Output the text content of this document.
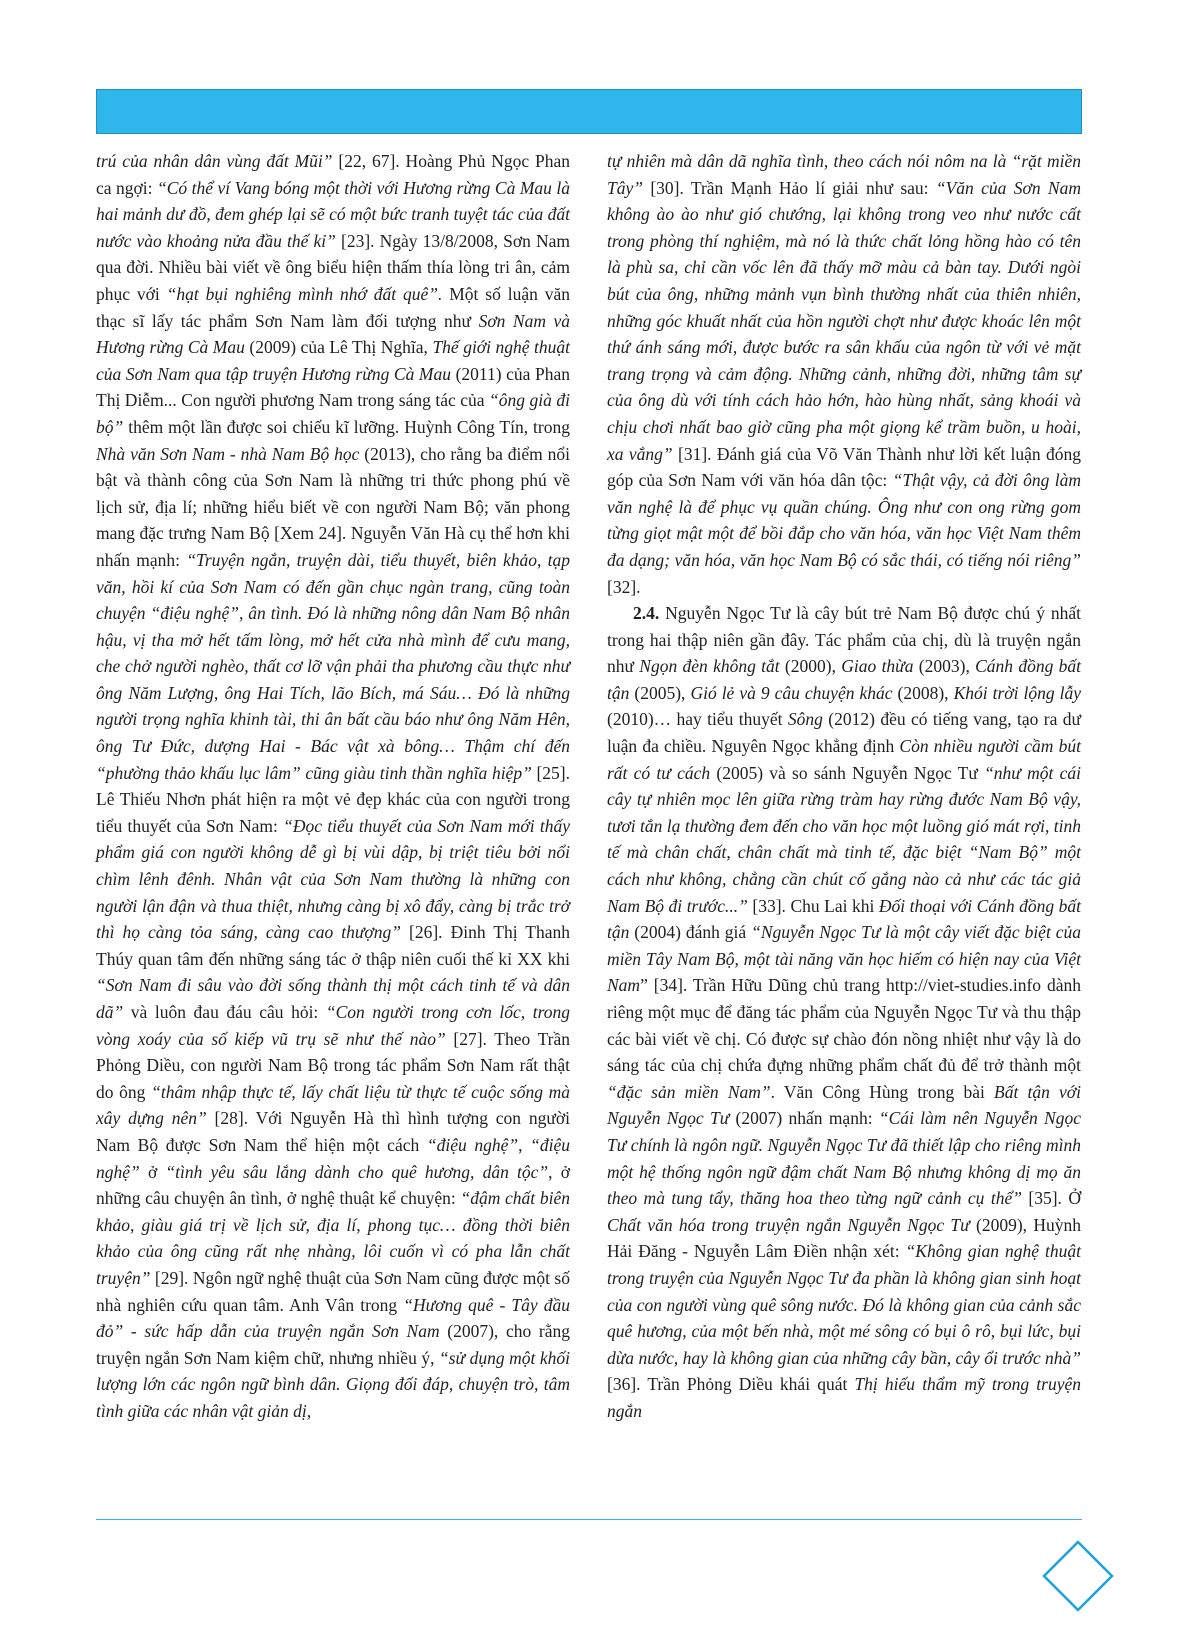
trú của nhân dân vùng đất Mũi” [22, 67]. Hoàng Phủ Ngọc Phan ca ngợi: “Có thể ví Vang bóng một thời với Hương rừng Cà Mau là hai mảnh dư đồ, đem ghép lại sẽ có một bức tranh tuyệt tác của đất nước vào khoảng nửa đầu thế kỉ” [23]. Ngày 13/8/2008, Sơn Nam qua đời. Nhiều bài viết về ông biểu hiện thấm thía lòng tri ân, cảm phục với “hạt bụi nghiêng mình nhớ đất quê”. Một số luận văn thạc sĩ lấy tác phẩm Sơn Nam làm đối tượng như Sơn Nam và Hương rừng Cà Mau (2009) của Lê Thị Nghĩa, Thế giới nghệ thuật của Sơn Nam qua tập truyện Hương rừng Cà Mau (2011) của Phan Thị Diễm... Con người phương Nam trong sáng tác của “ông già đi bộ” thêm một lần được soi chiếu kĩ lưỡng. Huỳnh Công Tín, trong Nhà văn Sơn Nam - nhà Nam Bộ học (2013), cho rằng ba điểm nổi bật và thành công của Sơn Nam là những tri thức phong phú về lịch sử, địa lí; những hiểu biết về con người Nam Bộ; văn phong mang đặc trưng Nam Bộ [Xem 24]. Nguyễn Văn Hà cụ thể hơn khi nhấn mạnh: “Truyện ngắn, truyện dài, tiểu thuyết, biên khảo, tạp văn, hồi kí của Sơn Nam có đến gần chục ngàn trang, cũng toàn chuyện “điệu nghệ”, ân tình. Đó là những nông dân Nam Bộ nhân hậu, vị tha mở hết tấm lòng, mở hết cửa nhà mình để cưu mang, che chở người nghèo, thất cơ lỡ vận phải tha phương cầu thực như ông Năm Lượng, ông Hai Tích, lão Bích, má Sáu… Đó là những người trọng nghĩa khinh tài, thi ân bất cầu báo như ông Năm Hên, ông Tư Đức, dượng Hai - Bác vật xà bông… Thậm chí đến “phường thảo khấu lục lâm” cũng giàu tinh thần nghĩa hiệp” [25]. Lê Thiếu Nhơn phát hiện ra một vẻ đẹp khác của con người trong tiểu thuyết của Sơn Nam: “Đọc tiểu thuyết của Sơn Nam mới thấy phẩm giá con người không dễ gì bị vùi dập, bị triệt tiêu bởi nổi chìm lênh đênh. Nhân vật của Sơn Nam thường là những con người lận đận và thua thiệt, nhưng càng bị xô đẩy, càng bị trắc trở thì họ càng tỏa sáng, càng cao thượng” [26]. Đinh Thị Thanh Thúy quan tâm đến những sáng tác ở thập niên cuối thế kỉ XX khi “Sơn Nam đi sâu vào đời sống thành thị một cách tinh tế và dân dã” và luôn đau đáu câu hỏi: “Con người trong cơn lốc, trong vòng xoáy của số kiếp vũ trụ sẽ như thế nào” [27]. Theo Trần Phỏng Diều, con người Nam Bộ trong tác phẩm Sơn Nam rất thật do ông “thâm nhập thực tế, lấy chất liệu từ thực tế cuộc sống mà xây dựng nên” [28]. Với Nguyễn Hà thì hình tượng con người Nam Bộ được Sơn Nam thể hiện một cách “điệu nghệ”, “điệu nghệ” ở “tình yêu sâu lắng dành cho quê hương, dân tộc”, ở những câu chuyện ân tình, ở nghệ thuật kể chuyện: “đậm chất biên khảo, giàu giá trị về lịch sử, địa lí, phong tục… đồng thời biên khảo của ông cũng rất nhẹ nhàng, lôi cuốn vì có pha lẫn chất truyện” [29]. Ngôn ngữ nghệ thuật của Sơn Nam cũng được một số nhà nghiên cứu quan tâm. Anh Vân trong “Hương quê - Tây đầu đỏ” - sức hấp dẫn của truyện ngắn Sơn Nam (2007), cho rằng truyện ngắn Sơn Nam kiệm chữ, nhưng nhiều ý, “sử dụng một khối lượng lớn các ngôn ngữ bình dân. Giọng đối đáp, chuyện trò, tâm tình giữa các nhân vật giản dị,

tự nhiên mà dân dã nghĩa tình, theo cách nói nôm na là “rặt miền Tây” [30]. Trần Mạnh Hảo lí giải như sau: “Văn của Sơn Nam không ào ào như gió chướng, lại không trong veo như nước cất trong phòng thí nghiệm, mà nó là thức chất lỏng hồng hào có tên là phù sa, chỉ cần vốc lên đã thấy mỡ màu cả bàn tay. Dưới ngòi bút của ông, những mảnh vụn bình thường nhất của thiên nhiên, những góc khuất nhất của hồn người chợt như được khoác lên một thứ ánh sáng mới, được bước ra sân khấu của ngôn từ với vẻ mặt trang trọng và cảm động. Những cảnh, những đời, những tâm sự của ông dù với tính cách hảo hớn, hào hùng nhất, sảng khoái và chịu chơi nhất bao giờ cũng pha một giọng kể trầm buồn, u hoài, xa vắng” [31]. Đánh giá của Võ Văn Thành như lời kết luận đóng góp của Sơn Nam với văn hóa dân tộc: “Thật vậy, cả đời ông làm văn nghệ là để phục vụ quần chúng. Ông như con ong rừng gom từng giọt mật một để bồi đắp cho văn hóa, văn học Việt Nam thêm đa dạng; văn hóa, văn học Nam Bộ có sắc thái, có tiếng nói riêng” [32].

2.4. Nguyễn Ngọc Tư là cây bút trẻ Nam Bộ được chú ý nhất trong hai thập niên gần đây. Tác phẩm của chị, dù là truyện ngắn như Ngọn đèn không tắt (2000), Giao thừa (2003), Cánh đồng bất tận (2005), Gió lẻ và 9 câu chuyện khác (2008), Khói trời lộng lẫy (2010)… hay tiểu thuyết Sông (2012) đều có tiếng vang, tạo ra dư luận đa chiều. Nguyên Ngọc khẳng định Còn nhiều người cầm bút rất có tư cách (2005) và so sánh Nguyễn Ngọc Tư “như một cái cây tự nhiên mọc lên giữa rừng tràm hay rừng đước Nam Bộ vậy, tươi tắn lạ thường đem đến cho văn học một luồng gió mát rợi, tinh tế mà chân chất, chân chất mà tinh tế, đặc biệt “Nam Bộ” một cách như không, chẳng cần chút cố gắng nào cả như các tác giả Nam Bộ đi trước...” [33]. Chu Lai khi Đối thoại với Cánh đồng bất tận (2004) đánh giá “Nguyễn Ngọc Tư là một cây viết đặc biệt của miền Tây Nam Bộ, một tài năng văn học hiếm có hiện nay của Việt Nam” [34]. Trần Hữu Dũng chủ trang http://viet-studies.info dành riêng một mục để đăng tác phẩm của Nguyễn Ngọc Tư và thu thập các bài viết về chị. Có được sự chào đón nồng nhiệt như vậy là do sáng tác của chị chứa đựng những phẩm chất đủ để trở thành một “đặc sản miền Nam”. Văn Công Hùng trong bài Bất tận với Nguyễn Ngọc Tư (2007) nhấn mạnh: “Cái làm nên Nguyễn Ngọc Tư chính là ngôn ngữ. Nguyễn Ngọc Tư đã thiết lập cho riêng mình một hệ thống ngôn ngữ đậm chất Nam Bộ nhưng không dị mọ ăn theo mà tung tẩy, thăng hoa theo từng ngữ cảnh cụ thể” [35]. Ở Chất văn hóa trong truyện ngắn Nguyễn Ngọc Tư (2009), Huỳnh Hải Đăng - Nguyễn Lâm Điền nhận xét: “Không gian nghệ thuật trong truyện của Nguyễn Ngọc Tư đa phần là không gian sinh hoạt của con người vùng quê sông nước. Đó là không gian của cảnh sắc quê hương, của một bến nhà, một mé sông có bụi ô rô, bụi lức, bụi dừa nước, hay là không gian của những cây bần, cây ổi trước nhà” [36]. Trần Phỏng Diều khái quát Thị hiếu thẩm mỹ trong truyện ngắn
